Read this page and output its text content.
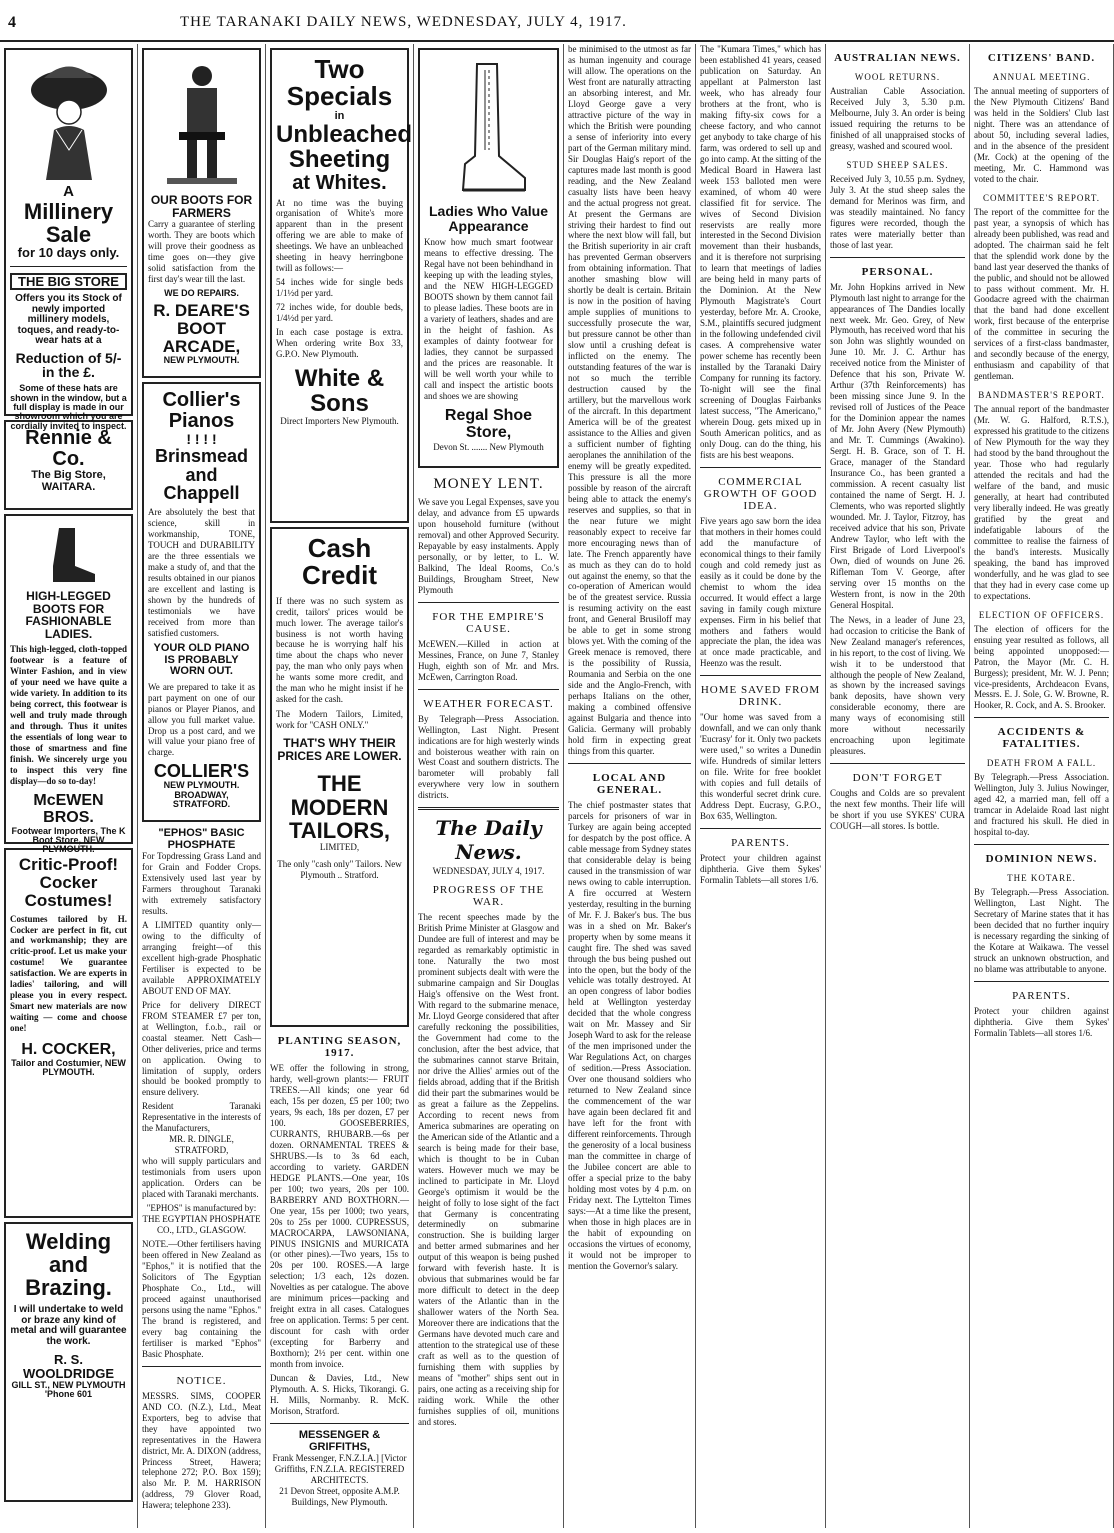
4	THE TARANAKI DAILY NEWS, WEDNESDAY, JULY 4, 1917.
A
Millinery
Sale
for 10 days only.
THE BIG STORE
Offers you its Stock of newly imported millinery models, toques, and ready-to-wear hats at a
Reduction of 5/- in the £.
Some of these hats are shown in the window, but a full display is made in our showroom which you are cordially invited to inspect.
Rennie & Co.
The Big Store, WAITARA.
HIGH-LEGGED BOOTS FOR FASHIONABLE LADIES.
This high-legged, cloth-topped footwear is a feature of Winter Fashion, and in view of your need we have quite a wide variety. In addition to its being correct, this footwear is well and truly made through and through. Thus it unites the essentials of long wear to those of smartness and fine finish. We sincerely urge you to inspect this very fine display—do so to-day!
McEWEN BROS.
Footwear Importers, The K Boot Store, NEW PLYMOUTH.
Critic-Proof! Cocker Costumes!
Costumes tailored by H. Cocker are perfect in fit, cut and workmanship; they are critic-proof. Let us make your costume! We guarantee satisfaction. We are experts in ladies' tailoring, and will please you in every respect. Smart new materials are now waiting — come and choose one!
H. COCKER,
Tailor and Costumier, NEW PLYMOUTH.
Welding and Brazing.
I will undertake to weld or braze any kind of metal and will guarantee the work.
R. S. WOOLDRIDGE
GILL ST., NEW PLYMOUTH
'Phone 601
OUR BOOTS FOR FARMERS
Carry a guarantee of sterling worth. They are boots which will prove their goodness as time goes on—they give solid satisfaction from the first day's wear till the last.
WE DO REPAIRS.
R. DEARE'S BOOT ARCADE,
NEW PLYMOUTH.
Collier's Pianos
! ! ! !
Brinsmead and Chappell
Are absolutely the best that science, skill in workmanship, TONE, TOUCH and DURABILITY are the three essentials we make a study of, and that the results obtained in our pianos are excellent and lasting is shown by the hundreds of testimonials we have received from more than satisfied customers.
YOUR OLD PIANO IS PROBABLY WORN OUT.
We are prepared to take it as part payment on one of our pianos or Player Pianos, and allow you full market value. Drop us a post card, and we will value your piano free of charge.
COLLIER'S
NEW PLYMOUTH. BROADWAY, STRATFORD.
"EPHOS" BASIC PHOSPHATE
For Topdressing Grass Land and for Grain and Fodder Crops. Extensively used last year by Farmers throughout Taranaki with extremely satisfactory results.
A LIMITED quantity only—owing to the difficulty of arranging freight—of this excellent high-grade Phosphatic Fertiliser is expected to be available APPROXIMATELY ABOUT END OF MAY.
Price for delivery DIRECT FROM STEAMER £7 per ton, at Wellington, f.o.b., rail or coastal steamer. Nett Cash—Other deliveries, price and terms on application. Owing to limitation of supply, orders should be booked promptly to ensure delivery.
Resident Taranaki Representative in the interests of the Manufacturers,
MR. R. DINGLE, STRATFORD,
who will supply particulars and testimonials from users upon application. Orders can be placed with Taranaki merchants.
"EPHOS" is manufactured by: THE EGYPTIAN PHOSPHATE CO., LTD., GLASGOW.
NOTE.—Other fertilisers having been offered in New Zealand as "Ephos," it is notified that the Solicitors of The Egyptian Phosphate Co., Ltd., will proceed against unauthorised persons using the name "Ephos." The brand is registered, and every bag containing the fertiliser is marked "Ephos" Basic Phosphate.
NOTICE.
MESSRS. SIMS, COOPER AND CO. (N.Z.), Ltd., Meat Exporters, beg to advise that they have appointed two representatives in the Hawera district, Mr. A. DIXON (address, Princess Street, Hawera; telephone 272; P.O. Box 159); also Mr. P. M. HARRISON (address, 79 Glover Road, Hawera; telephone 233).
Two Specials
in
Unbleached Sheeting
at Whites.
At no time was the buying organisation of White's more apparent than in the present offering we are able to make of sheetings. We have an unbleached sheeting in heavy herringbone twill as follows:—
54 inches wide for single beds 1/1½d per yard.
72 inches wide, for double beds, 1/4½d per yard.
In each case postage is extra. When ordering write Box 33, G.P.O. New Plymouth.
White & Sons
Direct Importers New Plymouth.
Cash Credit
If there was no such system as credit, tailors' prices would be much lower. The average tailor's business is not worth having because he is worrying half his time about the chaps who never pay, the man who only pays when he wants some more credit, and the man who he might insist if he asked for the cash.
The Modern Tailors, Limited, work for "CASH ONLY."
THAT'S WHY THEIR PRICES ARE LOWER.
THE MODERN TAILORS,
LIMITED,
The only "cash only" Tailors. New Plymouth .. Stratford.
PLANTING SEASON, 1917.
WE offer the following in strong, hardy, well-grown plants:— FRUIT TREES.—All kinds; one year 6d each, 15s per dozen, £5 per 100; two years, 9s each, 18s per dozen, £7 per 100. GOOSEBERRIES, CURRANTS, RHUBARB.—6s per dozen. ORNAMENTAL TREES & SHRUBS.—Is to 3s 6d each, according to variety. GARDEN HEDGE PLANTS.—One year, 10s per 100; two years, 20s per 100. BARBERRY AND BOXTHORN.—One year, 15s per 1000; two years, 20s to 25s per 1000. CUPRESSUS, MACROCARPA, LAWSONIANA, PINUS INSIGNIS and MURICATA (or other pines).—Two years, 15s to 20s per 100. ROSES.—A large selection; 1/3 each, 12s dozen. Novelties as per catalogue. The above are minimum prices—packing and freight extra in all cases. Catalogues free on application. Terms: 5 per cent. discount for cash with order (excepting for Barberry and Boxthorn); 2½ per cent. within one month from invoice.
Duncan & Davies, Ltd., New Plymouth. A. S. Hicks, Tikorangi. G. H. Mills, Normanby. R. McK. Morison, Stratford.
MESSENGER & GRIFFITHS,
Frank Messenger, F.N.Z.I.A.] [Victor Griffiths, F.N.Z.I.A. REGISTERED ARCHITECTS.
21 Devon Street, opposite A.M.P. Buildings, New Plymouth.
Ladies Who Value Appearance
Know how much smart footwear means to effective dressing. The Regal have not been behindhand in keeping up with the leading styles, and the NEW HIGH-LEGGED BOOTS shown by them cannot fail to please ladies. These boots are in a variety of leathers, shades and are in the height of fashion. As examples of dainty footwear for ladies, they cannot be surpassed and the prices are reasonable. It will be well worth your while to call and inspect the artistic boots and shoes we are showing
Regal Shoe Store,
Devon St. ....... New Plymouth
MONEY LENT.
We save you Legal Expenses, save you delay, and advance from £5 upwards upon household furniture (without removal) and other Approved Security. Repayable by easy instalments. Apply personally, or by letter, to L. W. Balkind, The Ideal Rooms, Co.'s Buildings, Brougham Street, New Plymouth
FOR THE EMPIRE'S CAUSE.
McEWEN.—Killed in action at Messines, France, on June 7, Stanley Hugh, eighth son of Mr. and Mrs. McEwen, Carrington Road.
WEATHER FORECAST.
By Telegraph—Press Association. Wellington, Last Night. Present indications are for high westerly winds and boisterous weather with rain on West Coast and southern districts. The barometer will probably fall everywhere very low in southern districts.
The Daily News.
WEDNESDAY, JULY 4, 1917.
PROGRESS OF THE WAR.
The recent speeches made by the British Prime Minister at Glasgow and Dundee are full of interest and may be regarded as remarkably optimistic in tone. Naturally the two most prominent subjects dealt with were the submarine campaign and Sir Douglas Haig's offensive on the West front. With regard to the submarine menace, Mr. Lloyd George considered that after carefully reckoning the possibilities, the Government had come to the conclusion, after the best advice, that the submarines cannot starve Britain, nor drive the Allies' armies out of the fields abroad, adding that if the British did their part the submarines would be as great a failure as the Zeppelins. According to recent news from America submarines are operating on the American side of the Atlantic and a search is being made for their base, which is thought to be in Cuban waters. However much we may be inclined to participate in Mr. Lloyd George's optimism it would be the height of folly to lose sight of the fact that Germany is concentrating determinedly on submarine construction. She is building larger and better armed submarines and her output of this weapon is being pushed forward with feverish haste. It is obvious that submarines would be far more difficult to detect in the deep waters of the Atlantic than in the shallower waters of the North Sea. Moreover there are indications that the Germans have devoted much care and attention to the strategical use of these craft as well as to the question of furnishing them with supplies by means of "mother" ships sent out in pairs, one acting as a receiving ship for raiding work. While the other furnishes supplies of oil, munitions and stores.
be minimised to the utmost as far as human ingenuity and courage will allow. The operations on the West front are naturally attracting an absorbing interest, and Mr. Lloyd George gave a very attractive picture of the way in which the British were pounding a sense of inferiority into every part of the German military mind. Sir Douglas Haig's report of the captures made last month is good reading, and the New Zealand casualty lists have been heavy and the actual progress not great. At present the Germans are striving their hardest to find out where the next blow will fall, but the British superiority in air craft has prevented German observers from obtaining information. That another smashing blow will shortly be dealt is certain. Britain is now in the position of having ample supplies of munitions to successfully prosecute the war, but pressure cannot be other than slow until a crushing defeat is inflicted on the enemy. The outstanding features of the war is not so much the terrible destruction caused by the artillery, but the marvellous work of the aircraft. In this department America will be of the greatest assistance to the Allies and given a sufficient number of fighting aeroplanes the annihilation of the enemy will be greatly expedited. This pressure is all the more possible by reason of the aircraft being able to attack the enemy's reserves and supplies, so that in the near future we might reasonably expect to receive far more encouraging news than of late. The French apparently have as much as they can do to hold out against the enemy, so that the co-operation of American would be of the greatest service. Russia is resuming activity on the east front, and General Brusiloff may be able to get in some strong blows yet. With the coming of the Greek menace is removed, there is the possibility of Russia, Roumania and Serbia on the one side and the Anglo-French, with perhaps Italians on the other, making a combined offensive against Bulgaria and thence into Galicia. Germany will probably hold firm in expecting great things from this quarter.
LOCAL AND GENERAL.
The chief postmaster states that parcels for prisoners of war in Turkey are again being accepted for despatch by the post office. A cable message from Sydney states that considerable delay is being caused in the transmission of war news owing to cable interruption. A fire occurred at Western yesterday, resulting in the burning of Mr. F. J. Baker's bus. The bus was in a shed on Mr. Baker's property when by some means it caught fire. The shed was saved through the bus being pushed out into the open, but the body of the vehicle was totally destroyed. At an open congress of labor bodies held at Wellington yesterday decided that the whole congress wait on Mr. Massey and Sir Joseph Ward to ask for the release of the men imprisoned under the War Regulations Act, on charges of sedition.—Press Association. Over one thousand soldiers who returned to New Zealand since the commencement of the war have again been declared fit and have left for the front with different reinforcements. Through the generosity of a local business man the committee in charge of the Jubilee concert are able to offer a special prize to the baby holding most votes by 4 p.m. on Friday next. The Lyttelton Times says:—At a time like the present, when those in high places are in the habit of expounding on occasions the virtues of economy, it would not be improper to mention the Governor's salary.
The "Kumara Times," which has been established 41 years, ceased publication on Saturday. An appellant at Palmerston last week, who has already four brothers at the front, who is making fifty-six cows for a cheese factory, and who cannot get anybody to take charge of his farm, was ordered to sell up and go into camp. At the sitting of the Medical Board in Hawera last week 153 balloted men were examined, of whom 40 were classified fit for service. The wives of Second Division reservists are really more interested in the Second Division movement than their husbands, and it is therefore not surprising to learn that meetings of ladies are being held in many parts of the Dominion. At the New Plymouth Magistrate's Court yesterday, before Mr. A. Crooke, S.M., plaintiffs secured judgment in the following undefended civil cases. A comprehensive water power scheme has recently been installed by the Taranaki Dairy Company for running its factory. To-night will see the final screening of Douglas Fairbanks latest success, "The Americano," wherein Doug. gets mixed up in South American politics, and as only Doug. can do the thing, his fists are his best weapons.
COMMERCIAL GROWTH OF GOOD IDEA.
Five years ago saw born the idea that mothers in their homes could add the manufacture of economical things to their family cough and cold remedy just as easily as it could be done by the chemist to whom the idea occurred. It would effect a large saving in family cough mixture expenses. Firm in his belief that mothers and fathers would appreciate the plan, the idea was at once made practicable, and Heenzo was the result.
HOME SAVED FROM DRINK.
"Our home was saved from a downfall, and we can only thank 'Eucrasy' for it. Only two packets were used," so writes a Dunedin wife. Hundreds of similar letters on file. Write for free booklet with copies and full details of this wonderful secret drink cure. Address Dept. Eucrasy, G.P.O., Box 635, Wellington.
PARENTS.
Protect your children against diphtheria. Give them Sykes' Formalin Tablets—all stores 1/6.
AUSTRALIAN NEWS.
WOOL RETURNS.
Australian Cable Association. Received July 3, 5.30 p.m. Melbourne, July 3. An order is being issued requiring the returns to be finished of all unappraised stocks of greasy, washed and scoured wool.
STUD SHEEP SALES.
Received July 3, 10.55 p.m. Sydney, July 3. At the stud sheep sales the demand for Merinos was firm, and was steadily maintained. No fancy figures were recorded, though the rates were materially better than those of last year.
PERSONAL.
Mr. John Hopkins arrived in New Plymouth last night to arrange for the appearances of The Dandies locally next week. Mr. Geo. Grey, of New Plymouth, has received word that his son John was slightly wounded on June 10. Mr. J. C. Arthur has received notice from the Minister of Defence that his son, Private W. Arthur (37th Reinforcements) has been missing since June 9. In the revised roll of Justices of the Peace for the Dominion appear the names of Mr. John Avery (New Plymouth) and Mr. T. Cummings (Awakino). Sergt. H. B. Grace, son of T. H. Grace, manager of the Standard Insurance Co., has been granted a commission. A recent casualty list contained the name of Sergt. H. J. Clements, who was reported slightly wounded. Mr. J. Taylor, Fitzroy, has received advice that his son, Private Andrew Taylor, who left with the First Brigade of Lord Liverpool's Own, died of wounds on June 26. Rifleman Tom V. George, after serving over 15 months on the Western front, is now in the 20th General Hospital.
The News, in a leader of June 23, had occasion to criticise the Bank of New Zealand manager's references, in his report, to the cost of living. We wish it to be understood that although the people of New Zealand, as shown by the increased savings bank deposits, have shown very considerable economy, there are many ways of economising still more without necessarily encroaching upon legitimate pleasures.
DON'T FORGET
Coughs and Colds are so prevalent the next few months. Their life will be short if you use SYKES' CURA COUGH—all stores. Is bottle.
CITIZENS' BAND.
ANNUAL MEETING.
The annual meeting of supporters of the New Plymouth Citizens' Band was held in the Soldiers' Club last night. There was an attendance of about 50, including several ladies, and in the absence of the president (Mr. Cock) at the opening of the meeting, Mr. C. Hammond was voted to the chair.
COMMITTEE'S REPORT.
The report of the committee for the past year, a synopsis of which has already been published, was read and adopted. The chairman said he felt that the splendid work done by the band last year deserved the thanks of the public, and should not be allowed to pass without comment. Mr. H. Goodacre agreed with the chairman that the band had done excellent work, first because of the enterprise of the committee in securing the services of a first-class bandmaster, and secondly because of the energy, enthusiasm and capability of that gentleman.
BANDMASTER'S REPORT.
The annual report of the bandmaster (Mr. W. G. Halford, R.T.S.), expressed his gratitude to the citizens of New Plymouth for the way they had stood by the band throughout the year. Those who had regularly attended the recitals and had the welfare of the band, and music generally, at heart had contributed very liberally indeed. He was greatly gratified by the great and indefatigable labours of the committee to realise the fairness of the band's interests. Musically speaking, the band has improved wonderfully, and he was glad to see that they had in every case come up to expectations.
ELECTION OF OFFICERS.
The election of officers for the ensuing year resulted as follows, all being appointed unopposed:—Patron, the Mayor (Mr. C. H. Burgess); president, Mr. W. J. Penn; vice-presidents, Archdeacon Evans, Messrs. E. J. Sole, G. W. Browne, R. Hooker, R. Cock, and A. S. Brooker.
ACCIDENTS & FATALITIES.
DEATH FROM A FALL.
By Telegraph.—Press Association. Wellington, July 3. Julius Nowinger, aged 42, a married man, fell off a tramcar in Adelaide Road last night and fractured his skull. He died in hospital to-day.
DOMINION NEWS.
THE KOTARE.
By Telegraph.—Press Association. Wellington, Last Night. The Secretary of Marine states that it has been decided that no further inquiry is necessary regarding the sinking of the Kotare at Waikawa. The vessel struck an unknown obstruction, and no blame was attributable to anyone.
PARENTS.
Protect your children against diphtheria. Give them Sykes' Formalin Tablets—all stores 1/6.
